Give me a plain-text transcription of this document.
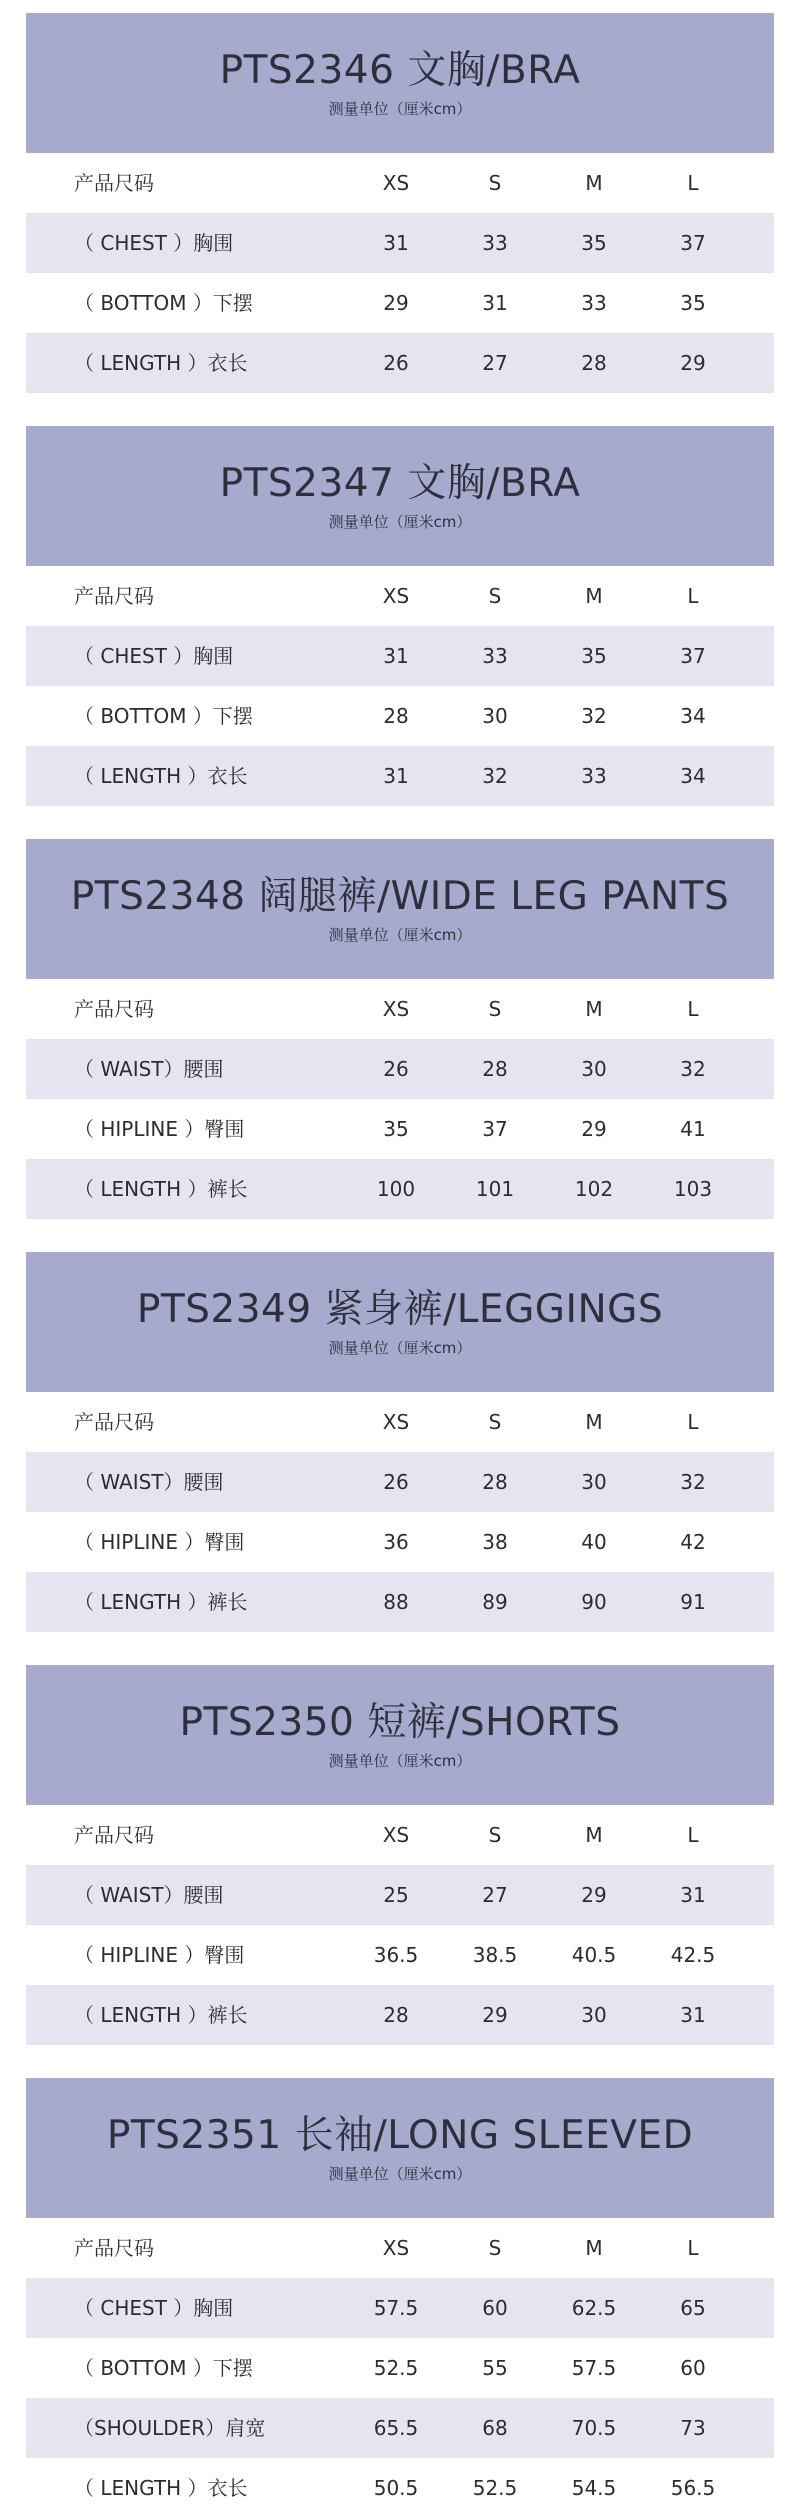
PTS2346 文胸/BRA
测量单位（厘米cm）
产品尺码	XS	S	M	L
（ CHEST ）胸围	31	33	35	37
（ BOTTOM ）下摆	29	31	33	35
（ LENGTH ）衣长	26	27	28	29
PTS2347 文胸/BRA
测量单位（厘米cm）
产品尺码	XS	S	M	L
（ CHEST ）胸围	31	33	35	37
（ BOTTOM ）下摆	28	30	32	34
（ LENGTH ）衣长	31	32	33	34
PTS2348 阔腿裤/WIDE LEG PANTS
测量单位（厘米cm）
产品尺码	XS	S	M	L
（ WAIST）腰围	26	28	30	32
（ HIPLINE ）臀围	35	37	29	41
（ LENGTH ）裤长	100	101	102	103
PTS2349 紧身裤/LEGGINGS
测量单位（厘米cm）
产品尺码	XS	S	M	L
（ WAIST）腰围	26	28	30	32
（ HIPLINE ）臀围	36	38	40	42
（ LENGTH ）裤长	88	89	90	91
PTS2350 短裤/SHORTS
测量单位（厘米cm）
产品尺码	XS	S	M	L
（ WAIST）腰围	25	27	29	31
（ HIPLINE ）臀围	36.5	38.5	40.5	42.5
（ LENGTH ）裤长	28	29	30	31
PTS2351 长袖/LONG SLEEVED
测量单位（厘米cm）
产品尺码	XS	S	M	L
（ CHEST ）胸围	57.5	60	62.5	65
（ BOTTOM ）下摆	52.5	55	57.5	60
（SHOULDER）肩宽	65.5	68	70.5	73
（ LENGTH ）衣长	50.5	52.5	54.5	56.5
